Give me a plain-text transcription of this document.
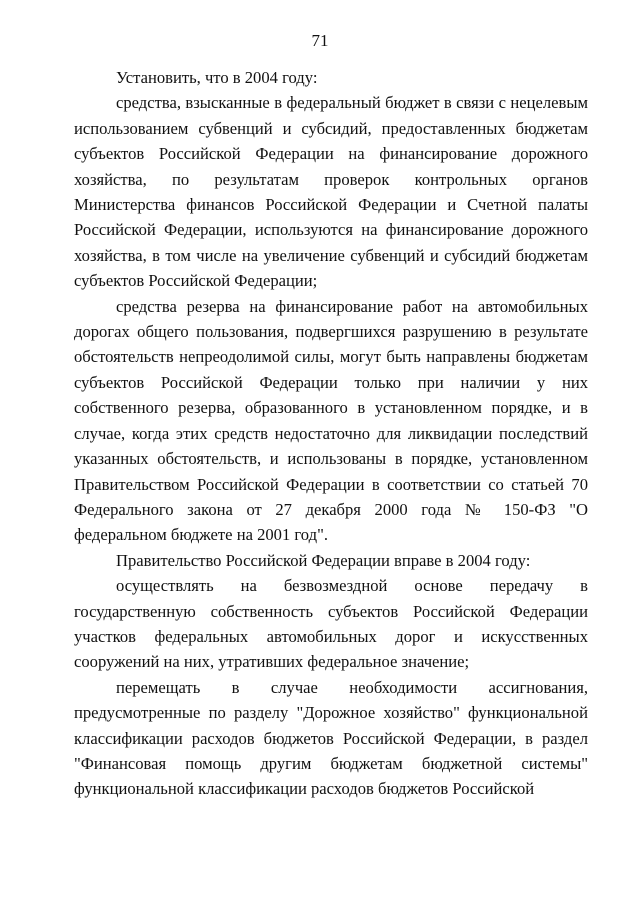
71

Установить, что в 2004 году:

средства, взысканные в федеральный бюджет в связи с нецелевым использованием субвенций и субсидий, предоставленных бюджетам субъектов Российской Федерации на финансирование дорожного хозяйства, по результатам проверок контрольных органов Министерства финансов Российской Федерации и Счетной палаты Российской Федерации, используются на финансирование дорожного хозяйства, в том числе на увеличение субвенций и субсидий бюджетам субъектов Российской Федерации;

средства резерва на финансирование работ на автомобильных дорогах общего пользования, подвергшихся разрушению в результате обстоятельств непреодолимой силы, могут быть направлены бюджетам субъектов Российской Федерации только при наличии у них собственного резерва, образованного в установленном порядке, и в случае, когда этих средств недостаточно для ликвидации последствий указанных обстоятельств, и использованы в порядке, установленном Правительством Российской Федерации в соответствии со статьей 70 Федерального закона от 27 декабря 2000 года № 150-ФЗ "О федеральном бюджете на 2001 год".

Правительство Российской Федерации вправе в 2004 году:

осуществлять на безвозмездной основе передачу в государственную собственность субъектов Российской Федерации участков федеральных автомобильных дорог и искусственных сооружений на них, утративших федеральное значение;

перемещать в случае необходимости ассигнования, предусмотренные по разделу "Дорожное хозяйство" функциональной классификации расходов бюджетов Российской Федерации, в раздел "Финансовая помощь другим бюджетам бюджетной системы" функциональной классификации расходов бюджетов Российской
